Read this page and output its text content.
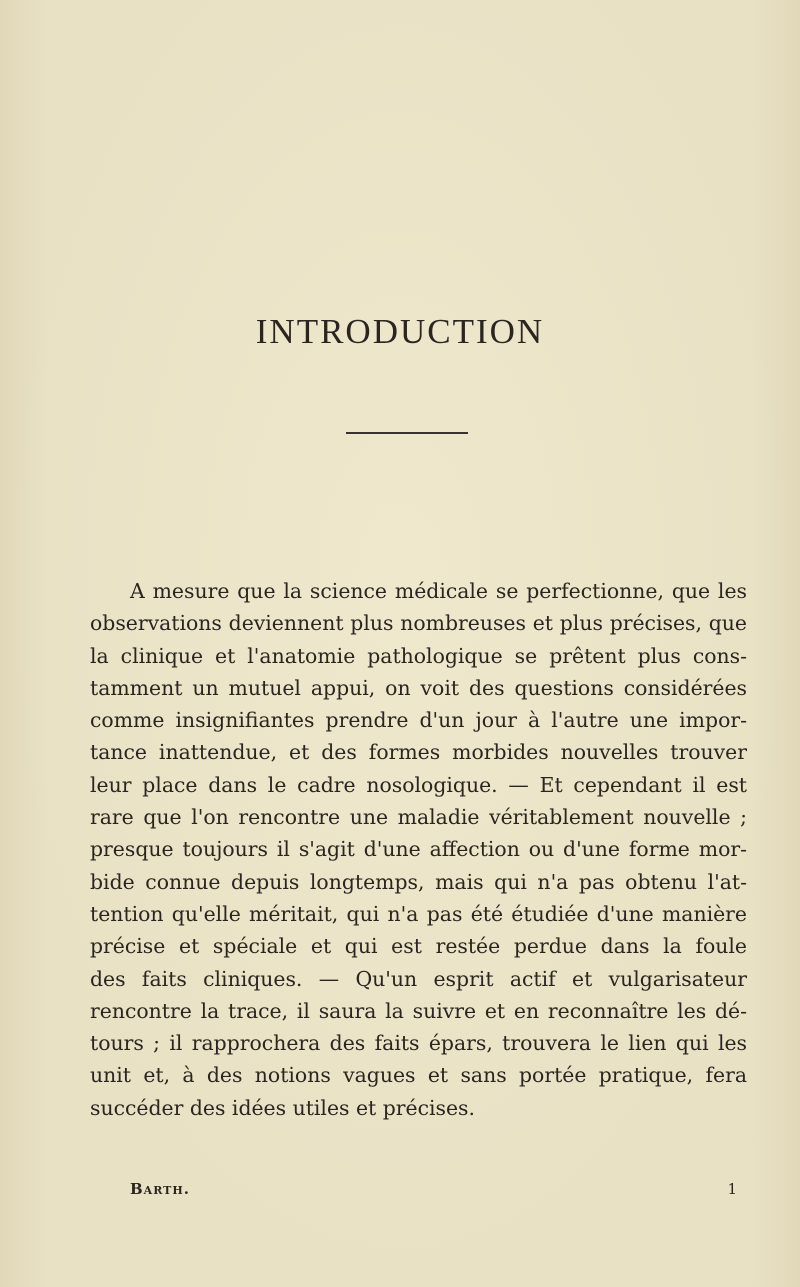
INTRODUCTION
A mesure que la science médicale se perfectionne, que les
observations deviennent plus nombreuses et plus précises, que
la clinique et l'anatomie pathologique se prêtent plus cons-
tamment un mutuel appui, on voit des questions considérées
comme insignifiantes prendre d'un jour à l'autre une impor-
tance inattendue, et des formes morbides nouvelles trouver
leur place dans le cadre nosologique. — Et cependant il est
rare que l'on rencontre une maladie véritablement nouvelle ;
presque toujours il s'agit d'une affection ou d'une forme mor-
bide connue depuis longtemps, mais qui n'a pas obtenu l'at-
tention qu'elle méritait, qui n'a pas été étudiée d'une manière
précise et spéciale et qui est restée perdue dans la foule
des faits cliniques. — Qu'un esprit actif et vulgarisateur
rencontre la trace, il saura la suivre et en reconnaître les dé-
tours ; il rapprochera des faits épars, trouvera le lien qui les
unit et, à des notions vagues et sans portée pratique, fera
succéder des idées utiles et précises.
Barth.	1
